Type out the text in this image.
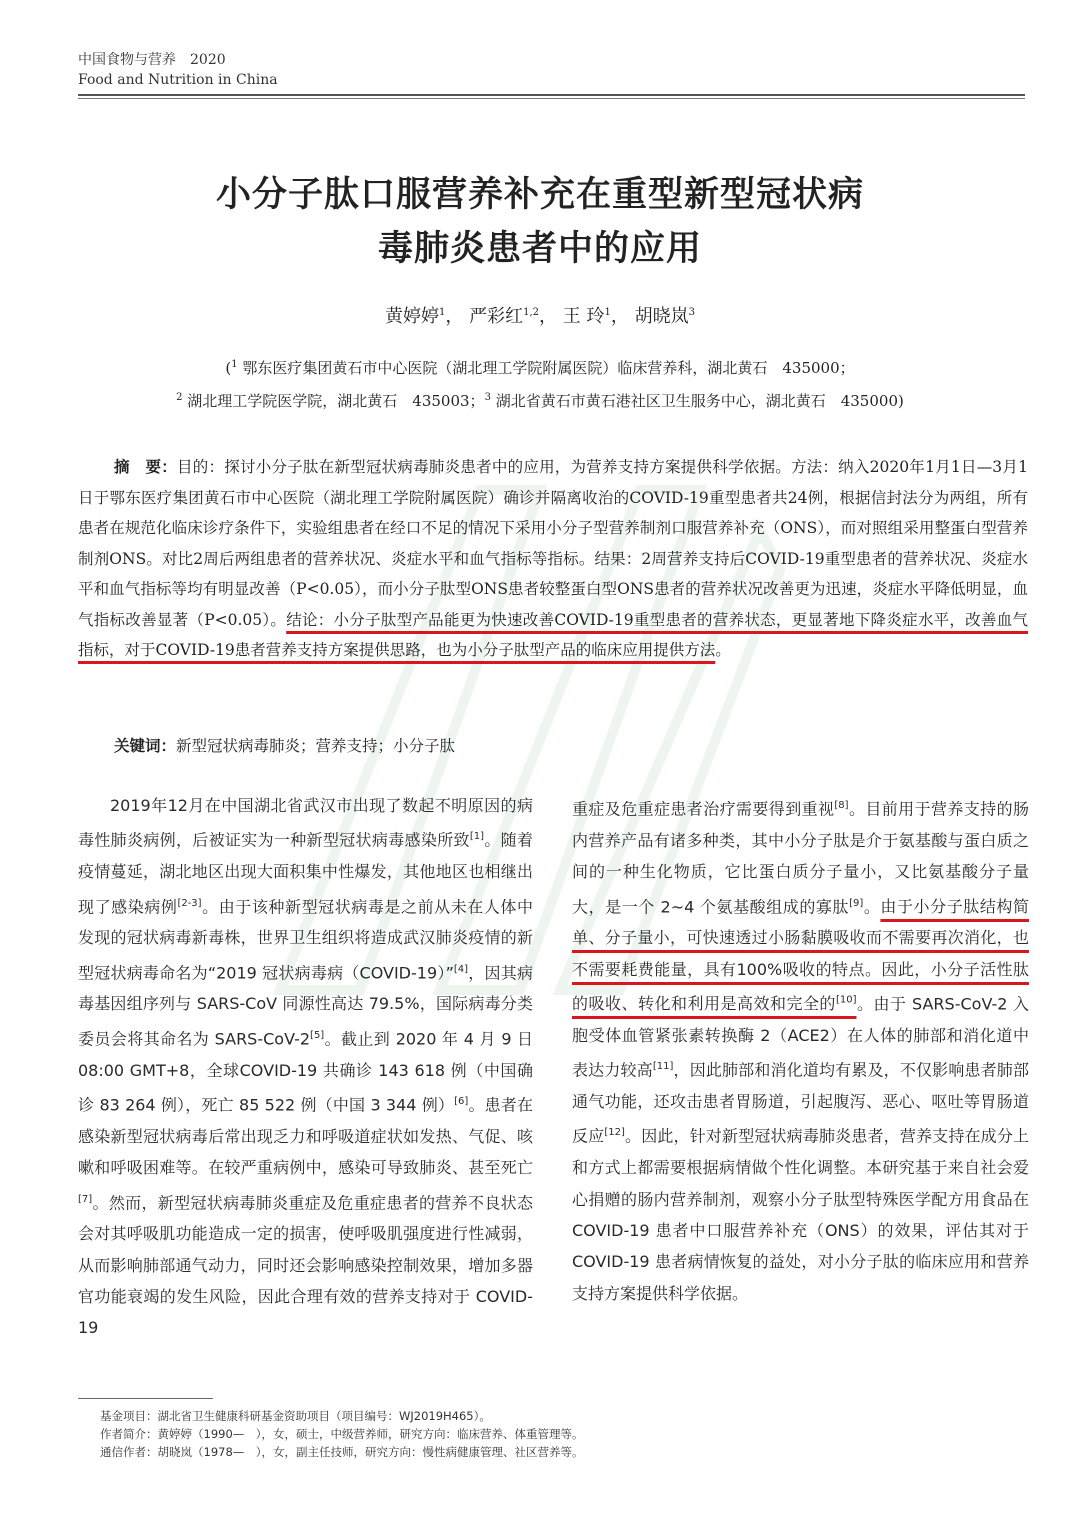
中国食物与营养　 2020
Food and Nutrition in China
小分子肽口服营养补充在重型新型冠状病
毒肺炎患者中的应用
黄婷婷$^1$， 严彩红$^{1,2}$， 王 玲$^1$， 胡晓岚$^3$
($^1$ 鄂东医疗集团黄石市中心医院（湖北理工学院附属医院）临床营养科，湖北黄石　435000；
$^2$ 湖北理工学院医学院，湖北黄石　435003；$^3$ 湖北省黄石市黄石港社区卫生服务中心，湖北黄石　435000)
摘　要：目的：探讨小分子肽在新型冠状病毒肺炎患者中的应用，为营养支持方案提供科学依据。方法：纳入2020年1月1日—3月1日于鄂东医疗集团黄石市中心医院（湖北理工学院附属医院）确诊并隔离收治的COVID-19重型患者共24例，根据信封法分为两组，所有患者在规范化临床诊疗条件下，实验组患者在经口不足的情况下采用小分子型营养制剂口服营养补充（ONS），而对照组采用整蛋白型营养制剂ONS。对比2周后两组患者的营养状况、炎症水平和血气指标等指标。结果：2周营养支持后COVID-19重型患者的营养状况、炎症水平和血气指标等均有明显改善（P<0.05），而小分子肽型ONS患者较整蛋白型ONS患者的营养状况改善更为迅速，炎症水平降低明显，血气指标改善显著（P<0.05）。结论：小分子肽型产品能更为快速改善COVID-19重型患者的营养状态，更显著地下降炎症水平，改善血气指标，对于COVID-19患者营养支持方案提供思路，也为小分子肽型产品的临床应用提供方法。
关键词：新型冠状病毒肺炎；营养支持；小分子肽

2019年12月在中国湖北省武汉市出现了数起不明原因的病毒性肺炎病例，后被证实为一种新型冠状病毒感染所致[1]。随着疫情蔓延，湖北地区出现大面积集中性爆发，其他地区也相继出现了感染病例[2-3]。由于该种新型冠状病毒是之前从未在人体中发现的冠状病毒新毒株，世界卫生组织将造成武汉肺炎疫情的新型冠状病毒命名为“2019 冠状病毒病（COVID-19）”[4]，因其病毒基因组序列与 SARS-CoV 同源性高达 79.5%，国际病毒分类委员会将其命名为 SARS-CoV-2[5]。截止到 2020 年 4 月 9 日 08:00 GMT+8，全球COVID-19 共确诊 143 618 例（中国确诊 83 264 例），死亡 85 522 例（中国 3 344 例）[6]。患者在感染新型冠状病毒后常出现乏力和呼吸道症状如发热、气促、咳嗽和呼吸困难等。在较严重病例中，感染可导致肺炎、甚至死亡[7]。然而，新型冠状病毒肺炎重症及危重症患者的营养不良状态会对其呼吸肌功能造成一定的损害，使呼吸肌强度进行性减弱，从而影响肺部通气动力，同时还会影响感染控制效果，增加多器官功能衰竭的发生风险，因此合理有效的营养支持对于 COVID-19

重症及危重症患者治疗需要得到重视[8]。目前用于营养支持的肠内营养产品有诸多种类，其中小分子肽是介于氨基酸与蛋白质之间的一种生化物质，它比蛋白质分子量小，又比氨基酸分子量大，是一个 2~4 个氨基酸组成的寡肽[9]。由于小分子肽结构简单、分子量小，可快速透过小肠黏膜吸收而不需要再次消化，也不需要耗费能量，具有100%吸收的特点。因此，小分子活性肽的吸收、转化和利用是高效和完全的[10]。由于 SARS-CoV-2 入胞受体血管紧张素转换酶 2（ACE2）在人体的肺部和消化道中表达力较高[11]，因此肺部和消化道均有累及，不仅影响患者肺部通气功能，还攻击患者胃肠道，引起腹泻、恶心、呕吐等胃肠道反应[12]。因此，针对新型冠状病毒肺炎患者，营养支持在成分上和方式上都需要根据病情做个性化调整。本研究基于来自社会爱心捐赠的肠内营养制剂，观察小分子肽型特殊医学配方用食品在 COVID-19 患者中口服营养补充（ONS）的效果，评估其对于 COVID-19 患者病情恢复的益处，对小分子肽的临床应用和营养支持方案提供科学依据。

基金项目：湖北省卫生健康科研基金资助项目（项目编号：WJ2019H465）。
作者简介：黄婷婷（1990—　），女，硕士，中级营养师，研究方向：临床营养、体重管理等。
通信作者：胡晓岚（1978—　），女，副主任技师，研究方向：慢性病健康管理、社区营养等。
